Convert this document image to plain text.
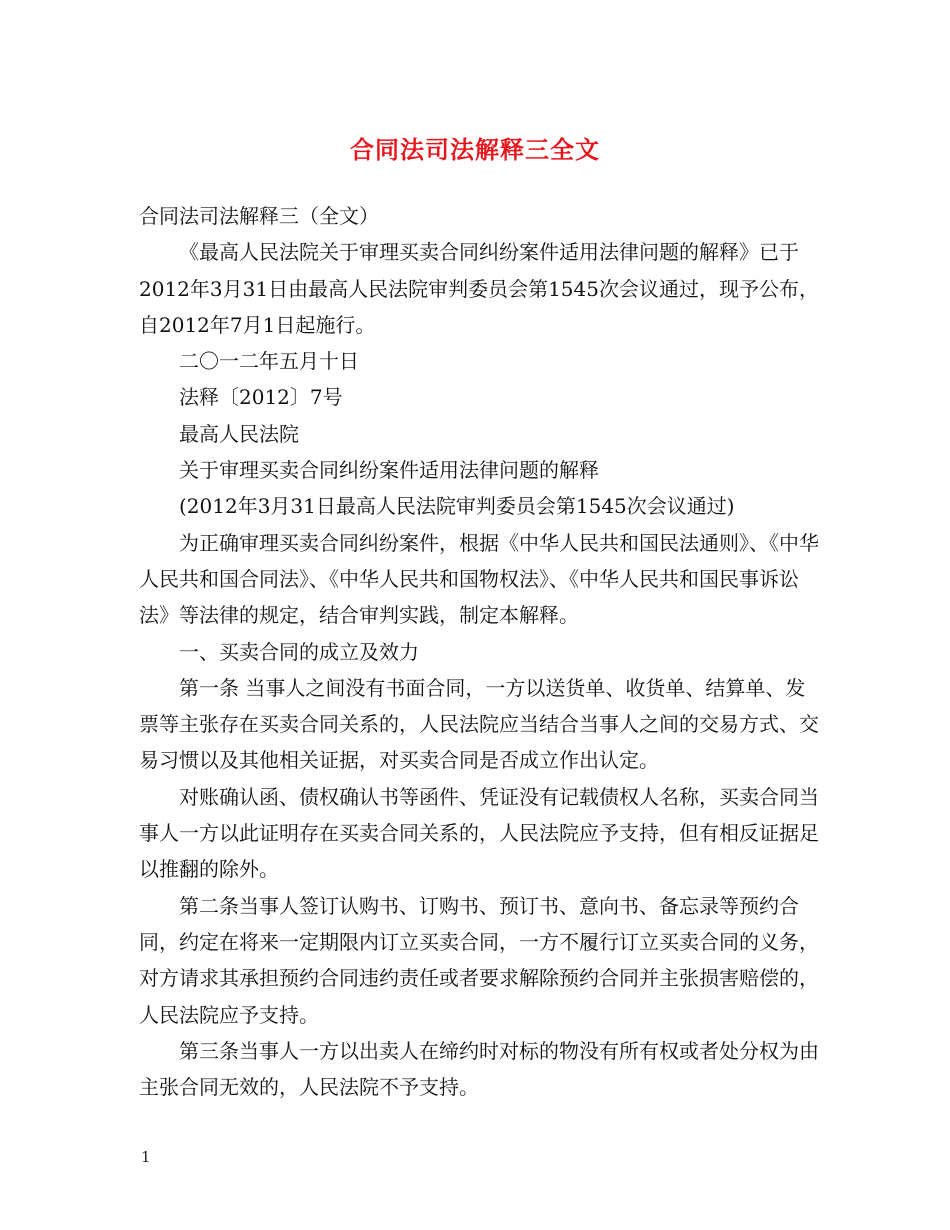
合同法司法解释三全文

合同法司法解释三（全文）

《最高人民法院关于审理买卖合同纠纷案件适用法律问题的解释》已于2012年3月31日由最高人民法院审判委员会第1545次会议通过，现予公布，自2012年7月1日起施行。

二〇一二年五月十日

法释〔2012〕7号

最高人民法院

关于审理买卖合同纠纷案件适用法律问题的解释

(2012年3月31日最高人民法院审判委员会第1545次会议通过)

为正确审理买卖合同纠纷案件，根据《中华人民共和国民法通则》、《中华人民共和国合同法》、《中华人民共和国物权法》、《中华人民共和国民事诉讼法》等法律的规定，结合审判实践，制定本解释。

一、买卖合同的成立及效力

第一条 当事人之间没有书面合同，一方以送货单、收货单、结算单、发票等主张存在买卖合同关系的，人民法院应当结合当事人之间的交易方式、交易习惯以及其他相关证据，对买卖合同是否成立作出认定。

对账确认函、债权确认书等函件、凭证没有记载债权人名称，买卖合同当事人一方以此证明存在买卖合同关系的，人民法院应予支持，但有相反证据足以推翻的除外。

第二条当事人签订认购书、订购书、预订书、意向书、备忘录等预约合同，约定在将来一定期限内订立买卖合同，一方不履行订立买卖合同的义务，对方请求其承担预约合同违约责任或者要求解除预约合同并主张损害赔偿的，人民法院应予支持。

第三条当事人一方以出卖人在缔约时对标的物没有所有权或者处分权为由主张合同无效的，人民法院不予支持。

1
